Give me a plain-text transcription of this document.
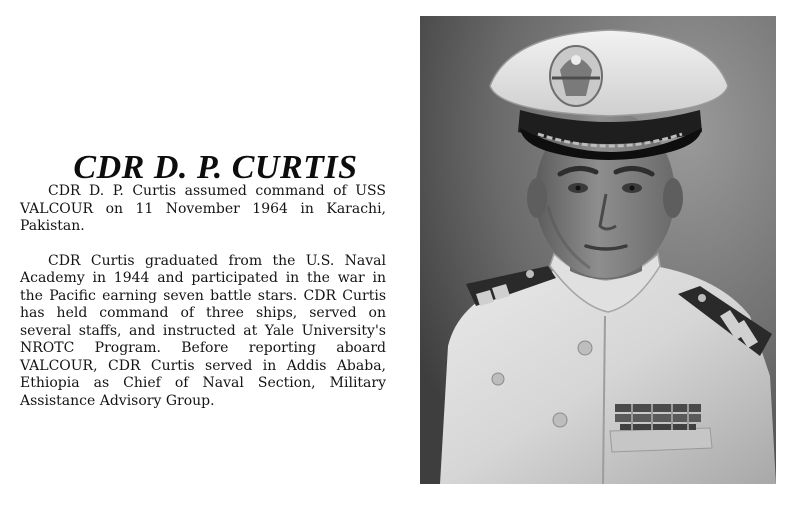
CDR D. P. CURTIS

CDR D. P. Curtis assumed command of USS VALCOUR on 11 November 1964 in Karachi, Pakistan.

CDR Curtis graduated from the U.S. Naval Academy in 1944 and participated in the war in the Pacific earning seven battle stars. CDR Curtis has held command of three ships, served on several staffs, and instructed at Yale University's NROTC Program. Before reporting aboard VALCOUR, CDR Curtis served in Addis Ababa, Ethiopia as Chief of Naval Section, Military Assistance Advisory Group.
